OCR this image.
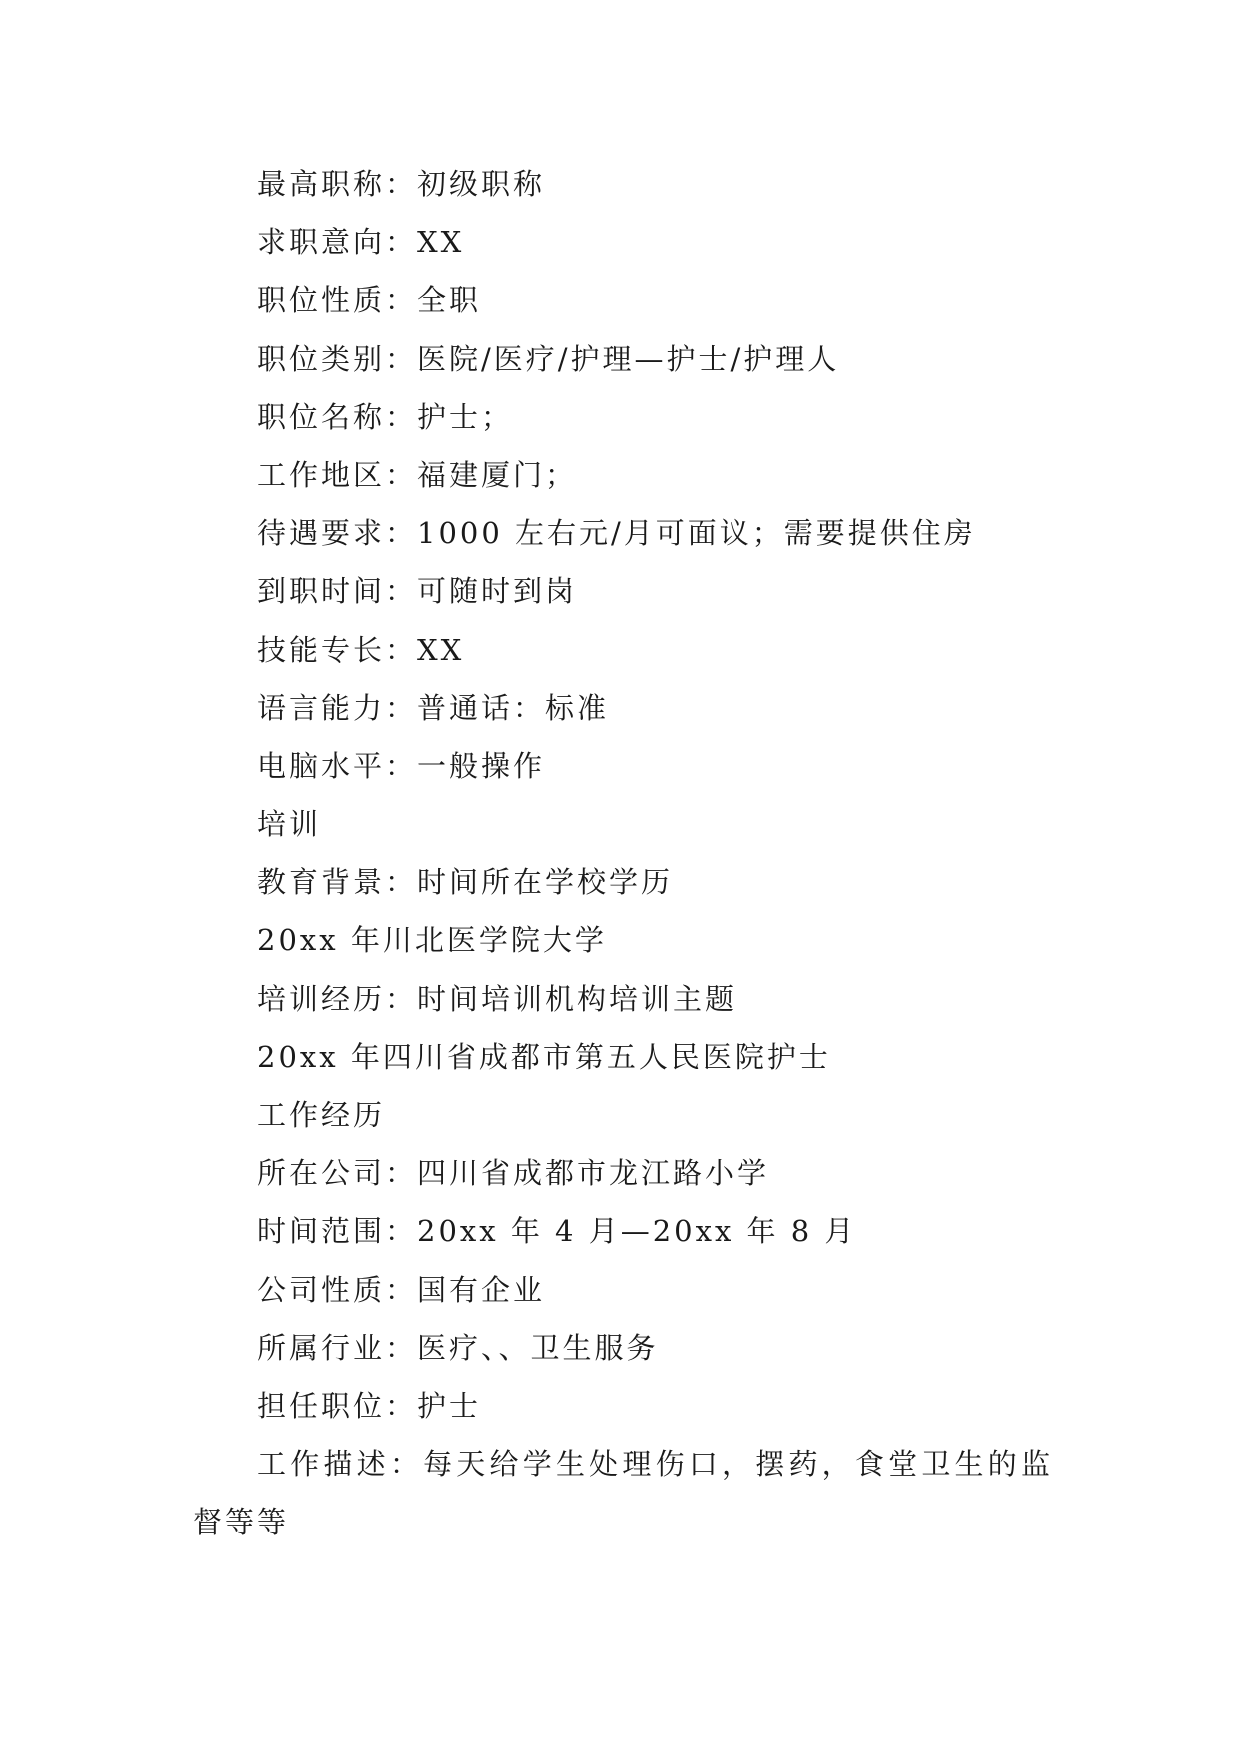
最高职称：初级职称
求职意向：XX
职位性质：全职
职位类别：医院/医疗/护理—护士/护理人
职位名称：护士；
工作地区：福建厦门；
待遇要求：1000 左右元/月可面议；需要提供住房
到职时间：可随时到岗
技能专长：XX
语言能力：普通话：标准
电脑水平：一般操作
培训
教育背景：时间所在学校学历
20xx 年川北医学院大学
培训经历：时间培训机构培训主题
20xx 年四川省成都市第五人民医院护士
工作经历
所在公司：四川省成都市龙江路小学
时间范围：20xx 年 4 月—20xx 年 8 月
公司性质：国有企业
所属行业：医疗、、卫生服务
担任职位：护士
工作描述：每天给学生处理伤口，摆药，食堂卫生的监督等等
